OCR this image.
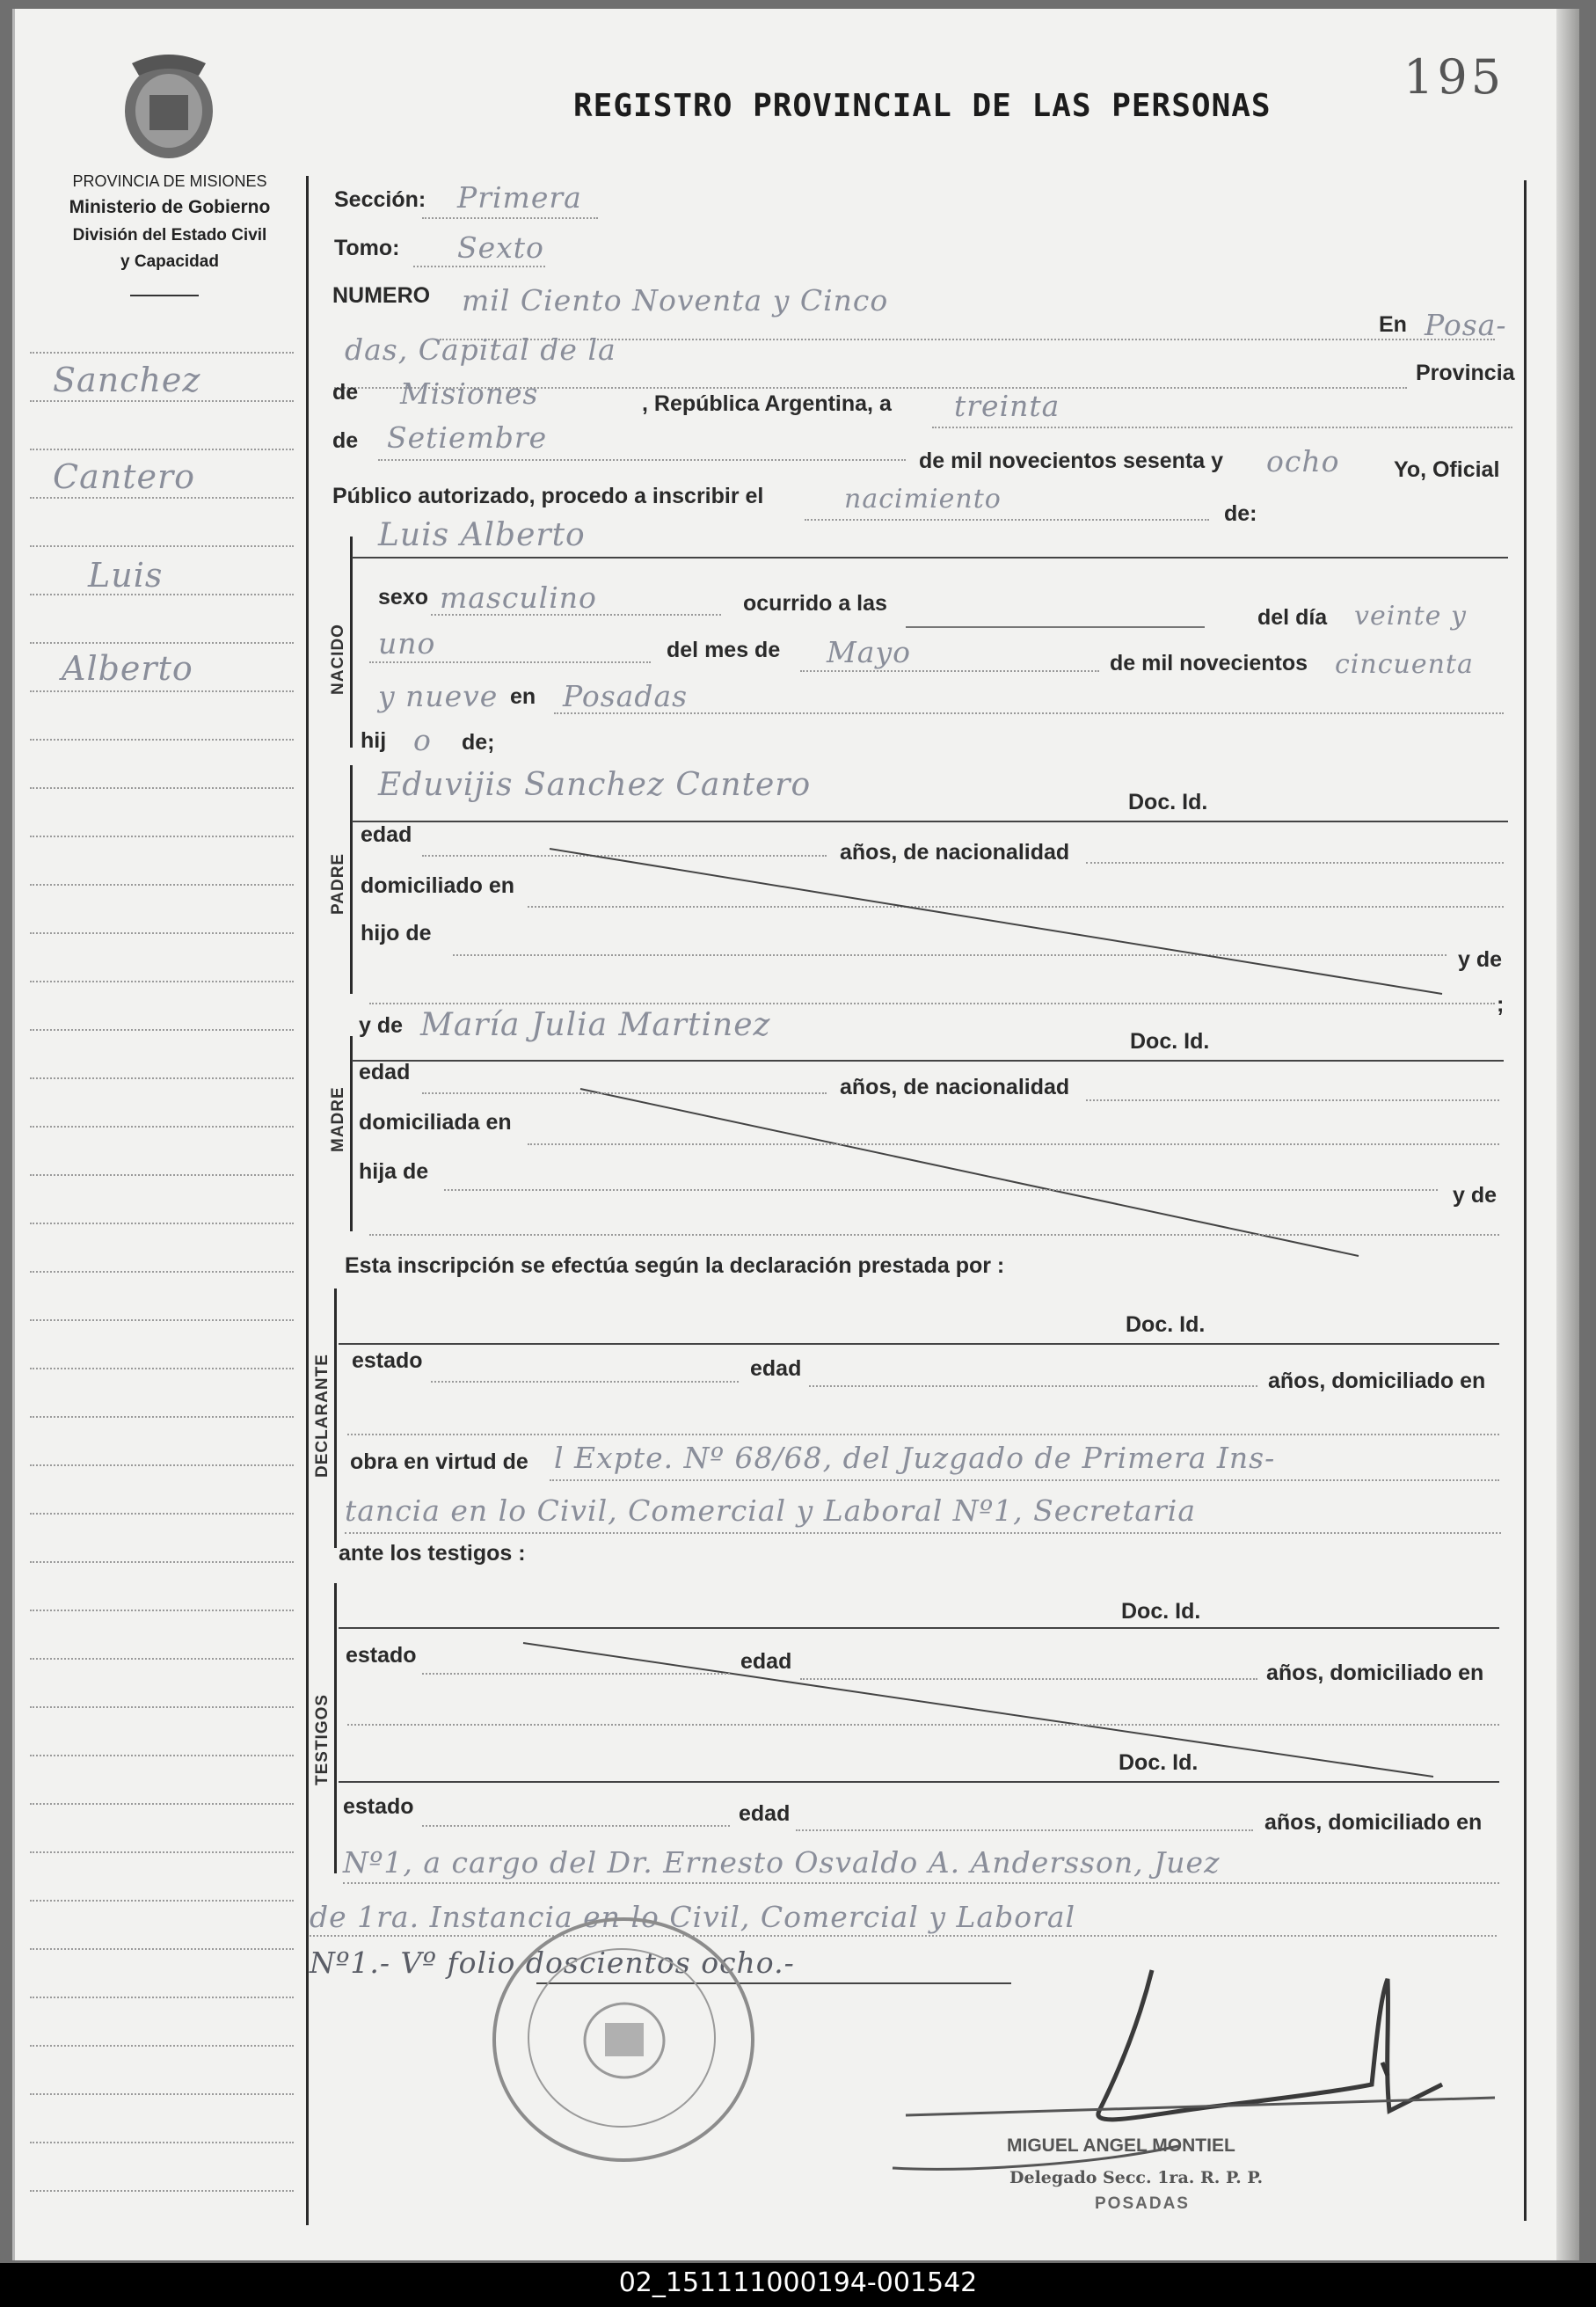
PROVINCIA DE MISIONES
Ministerio de Gobierno
División del Estado Civil
y Capacidad
REGISTRO PROVINCIAL DE LAS PERSONAS
195
Sanchez
Cantero
Luis
Alberto
Sección: Primera
Tomo: Sexto
NUMERO mil Ciento Noventa y Cinco
En Posa-
das, Capital de la
Provincia
de Misiones	, República Argentina, a treinta
de Setiembre
de mil novecientos sesenta y ocho Yo, Oficial
Público autorizado, procedo a inscribir el	nacimiento	de:
NACIDO
Luis Alberto
sexo masculino	ocurrido a las
del día veinte y
uno	del mes de Mayo	de mil novecientos cincuenta
y nueve en Posadas
hij o de;
PADRE
Eduvijis Sanchez Cantero	Doc. Id.
edad
años, de nacionalidad
domiciliado en
hijo de
y de
;
y de
MADRE
María Julia Martinez	Doc. Id.
edad
años, de nacionalidad
domiciliada en
hija de
y de
Esta inscripción se efectúa según la declaración prestada por :
DECLARANTE
Doc. Id.
estado	edad	años, domiciliado en
obra en virtud de l Expte. Nº 68/68, del Juzgado de Primera Ins-
tancia en lo Civil, Comercial y Laboral Nº1, Secretaria
ante los testigos :
TESTIGOS
Doc. Id.
estado	edad	años, domiciliado en
Doc. Id.
estado	edad	años, domiciliado en
Nº1, a cargo del Dr. Ernesto Osvaldo A. Andersson, Juez
de 1ra. Instancia en lo Civil, Comercial y Laboral
Nº1.- Vº folio doscientos ocho.-
MIGUEL ANGEL MONTIEL
Delegado Secc. 1ra. R. P. P.
POSADAS
02_151111000194-001542
